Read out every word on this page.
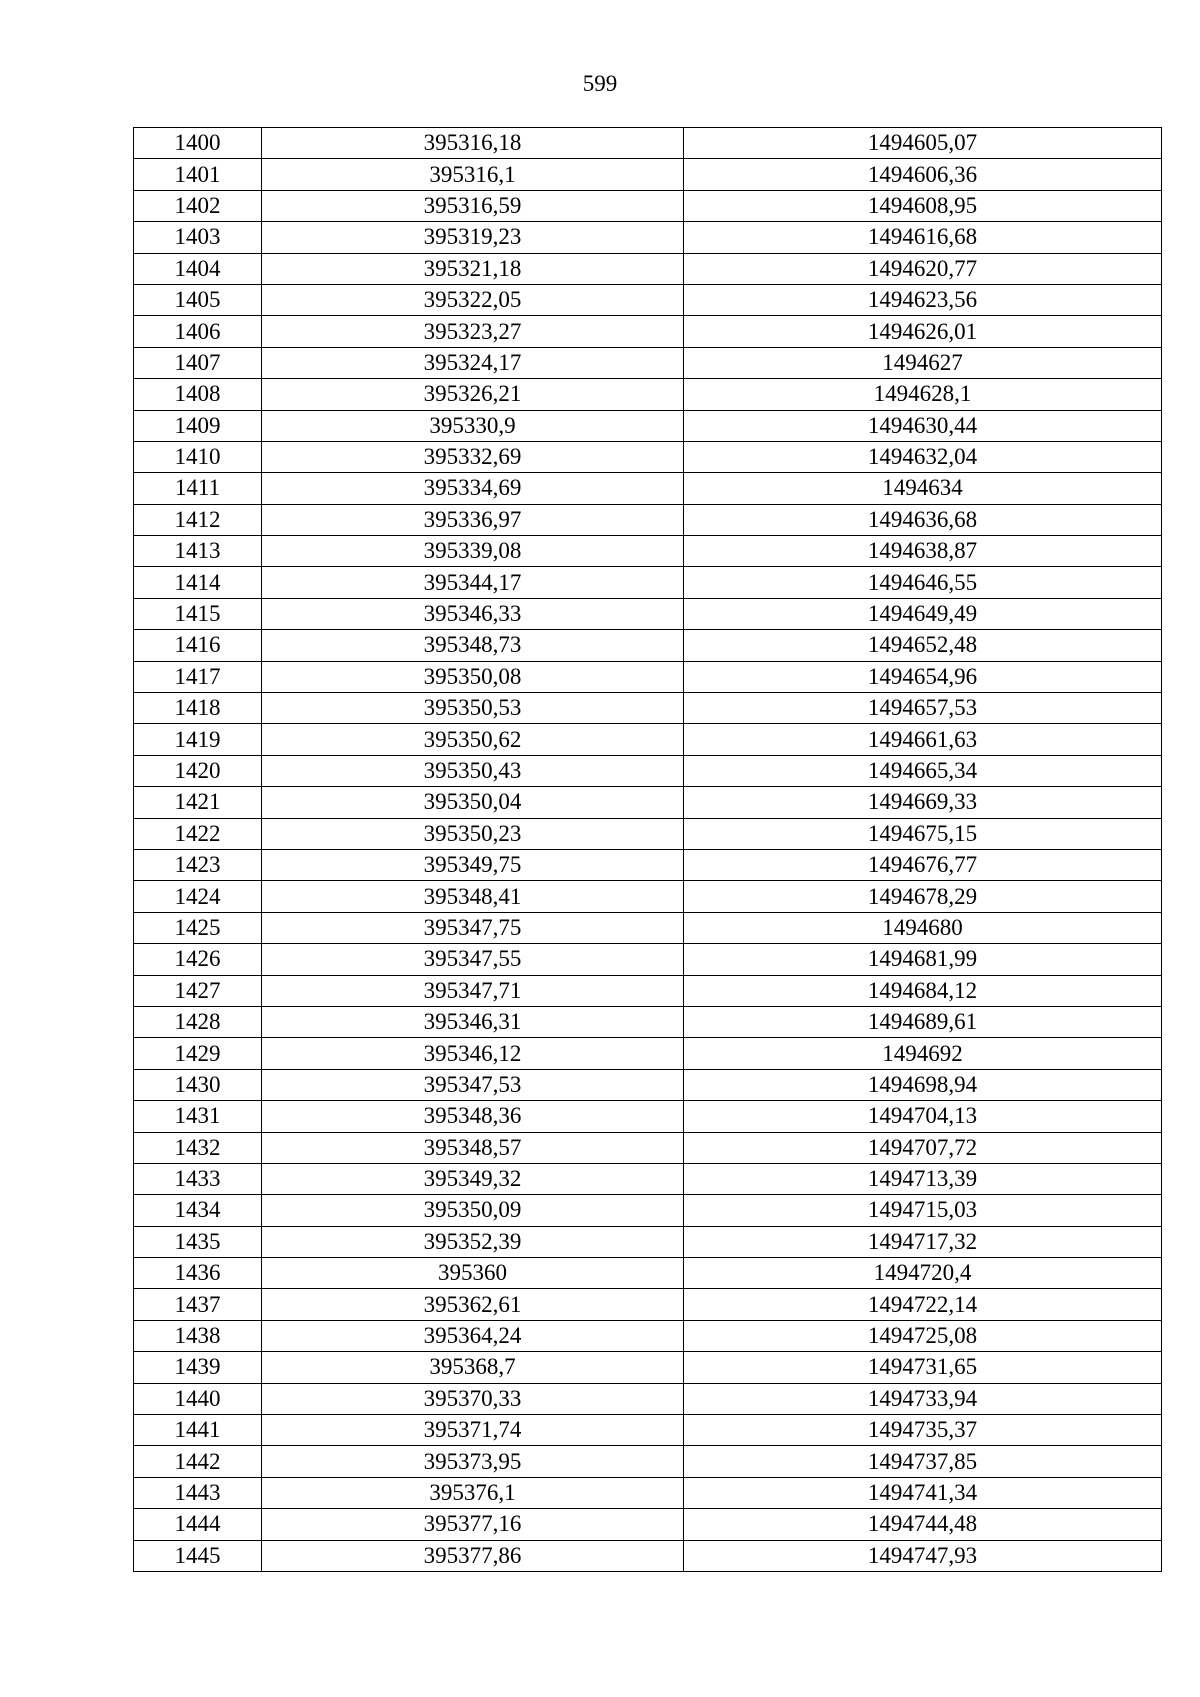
599
1400	395316,18	1494605,07
1401	395316,1	1494606,36
1402	395316,59	1494608,95
1403	395319,23	1494616,68
1404	395321,18	1494620,77
1405	395322,05	1494623,56
1406	395323,27	1494626,01
1407	395324,17	1494627
1408	395326,21	1494628,1
1409	395330,9	1494630,44
1410	395332,69	1494632,04
1411	395334,69	1494634
1412	395336,97	1494636,68
1413	395339,08	1494638,87
1414	395344,17	1494646,55
1415	395346,33	1494649,49
1416	395348,73	1494652,48
1417	395350,08	1494654,96
1418	395350,53	1494657,53
1419	395350,62	1494661,63
1420	395350,43	1494665,34
1421	395350,04	1494669,33
1422	395350,23	1494675,15
1423	395349,75	1494676,77
1424	395348,41	1494678,29
1425	395347,75	1494680
1426	395347,55	1494681,99
1427	395347,71	1494684,12
1428	395346,31	1494689,61
1429	395346,12	1494692
1430	395347,53	1494698,94
1431	395348,36	1494704,13
1432	395348,57	1494707,72
1433	395349,32	1494713,39
1434	395350,09	1494715,03
1435	395352,39	1494717,32
1436	395360	1494720,4
1437	395362,61	1494722,14
1438	395364,24	1494725,08
1439	395368,7	1494731,65
1440	395370,33	1494733,94
1441	395371,74	1494735,37
1442	395373,95	1494737,85
1443	395376,1	1494741,34
1444	395377,16	1494744,48
1445	395377,86	1494747,93
